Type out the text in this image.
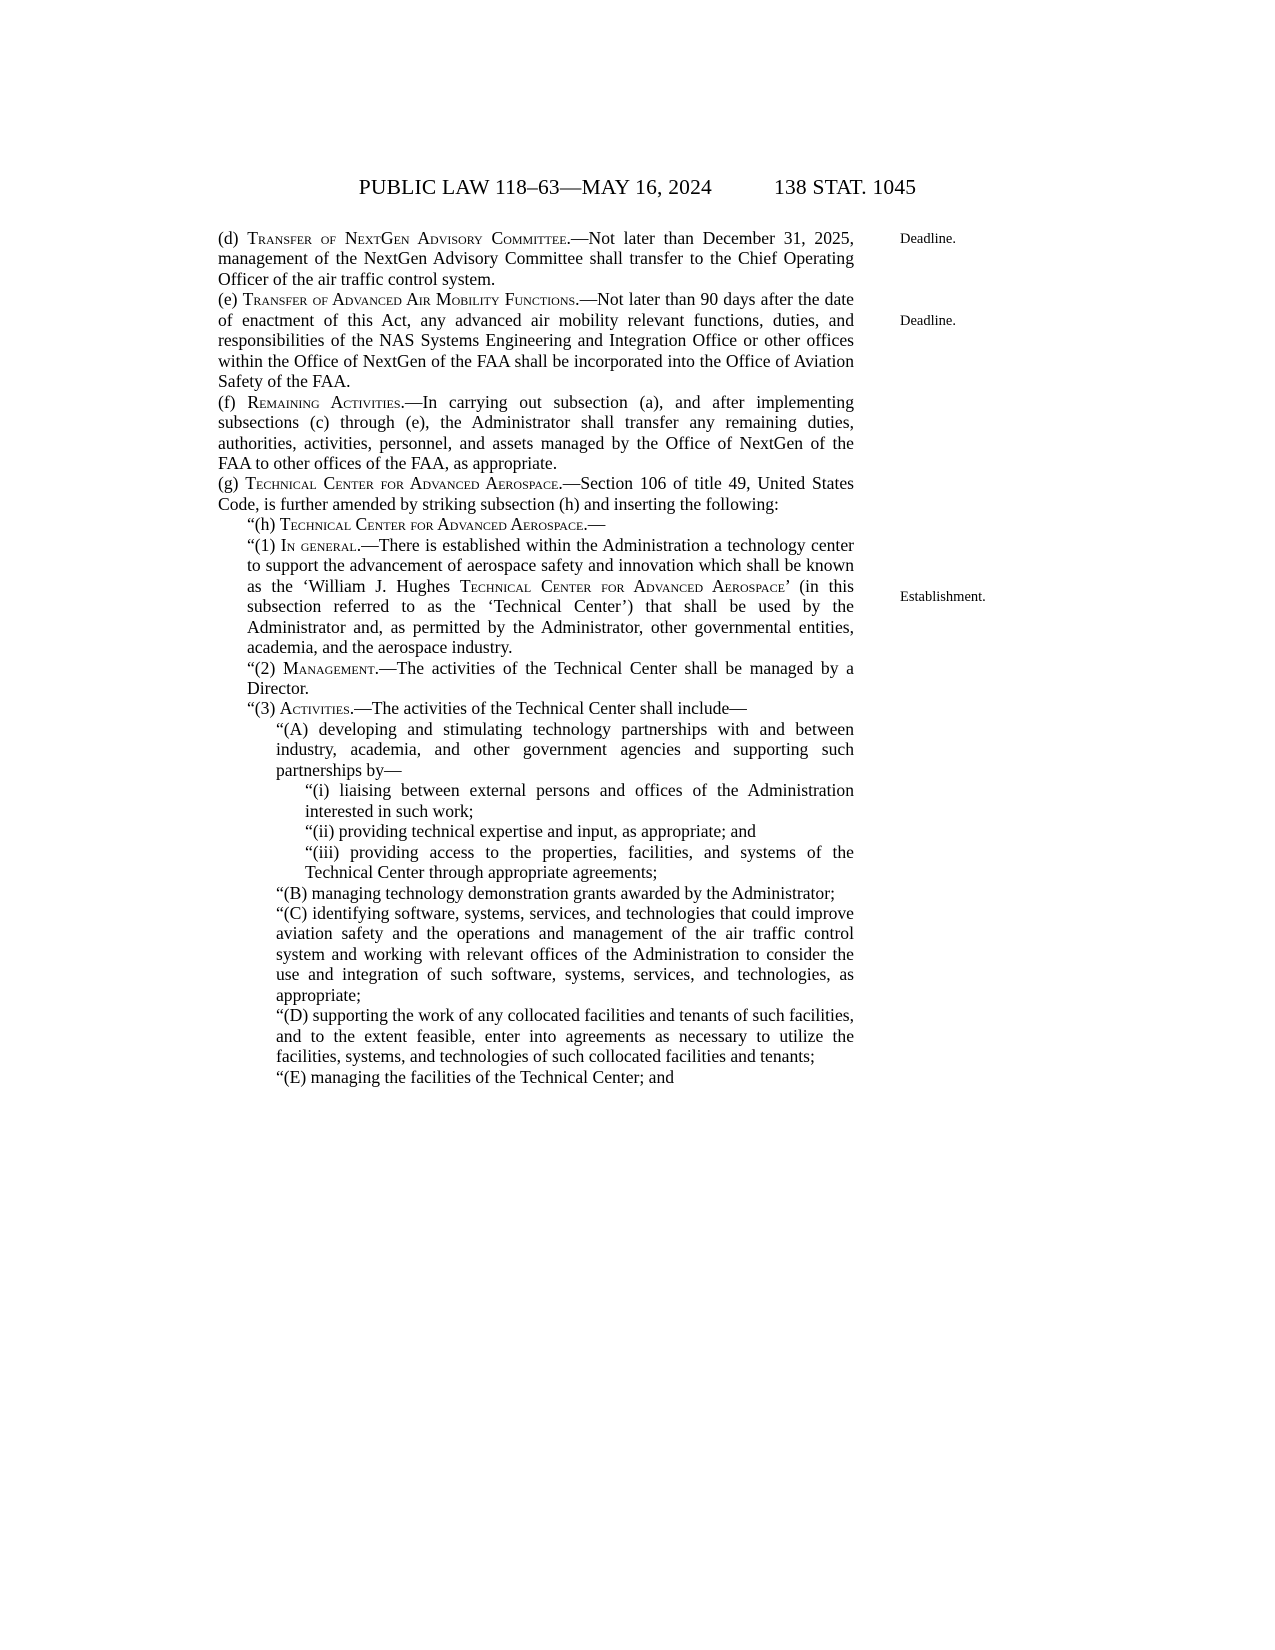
PUBLIC LAW 118–63—MAY 16, 2024	138 STAT. 1045
Deadline.
Deadline.
Establishment.

(d) Transfer of NextGen Advisory Committee.—Not later than December 31, 2025, management of the NextGen Advisory Committee shall transfer to the Chief Operating Officer of the air traffic control system.

(e) Transfer of Advanced Air Mobility Functions.—Not later than 90 days after the date of enactment of this Act, any advanced air mobility relevant functions, duties, and responsibilities of the NAS Systems Engineering and Integration Office or other offices within the Office of NextGen of the FAA shall be incorporated into the Office of Aviation Safety of the FAA.

(f) Remaining Activities.—In carrying out subsection (a), and after implementing subsections (c) through (e), the Administrator shall transfer any remaining duties, authorities, activities, personnel, and assets managed by the Office of NextGen of the FAA to other offices of the FAA, as appropriate.

(g) Technical Center for Advanced Aerospace.—Section 106 of title 49, United States Code, is further amended by striking subsection (h) and inserting the following:

“(h) Technical Center for Advanced Aerospace.—

“(1) In general.—There is established within the Administration a technology center to support the advancement of aerospace safety and innovation which shall be known as the ‘William J. Hughes Technical Center for Advanced Aerospace’ (in this subsection referred to as the ‘Technical Center’) that shall be used by the Administrator and, as permitted by the Administrator, other governmental entities, academia, and the aerospace industry.

“(2) Management.—The activities of the Technical Center shall be managed by a Director.

“(3) Activities.—The activities of the Technical Center shall include—

“(A) developing and stimulating technology partnerships with and between industry, academia, and other government agencies and supporting such partnerships by—

“(i) liaising between external persons and offices of the Administration interested in such work;

“(ii) providing technical expertise and input, as appropriate; and

“(iii) providing access to the properties, facilities, and systems of the Technical Center through appropriate agreements;

“(B) managing technology demonstration grants awarded by the Administrator;

“(C) identifying software, systems, services, and technologies that could improve aviation safety and the operations and management of the air traffic control system and working with relevant offices of the Administration to consider the use and integration of such software, systems, services, and technologies, as appropriate;

“(D) supporting the work of any collocated facilities and tenants of such facilities, and to the extent feasible, enter into agreements as necessary to utilize the facilities, systems, and technologies of such collocated facilities and tenants;

“(E) managing the facilities of the Technical Center; and
